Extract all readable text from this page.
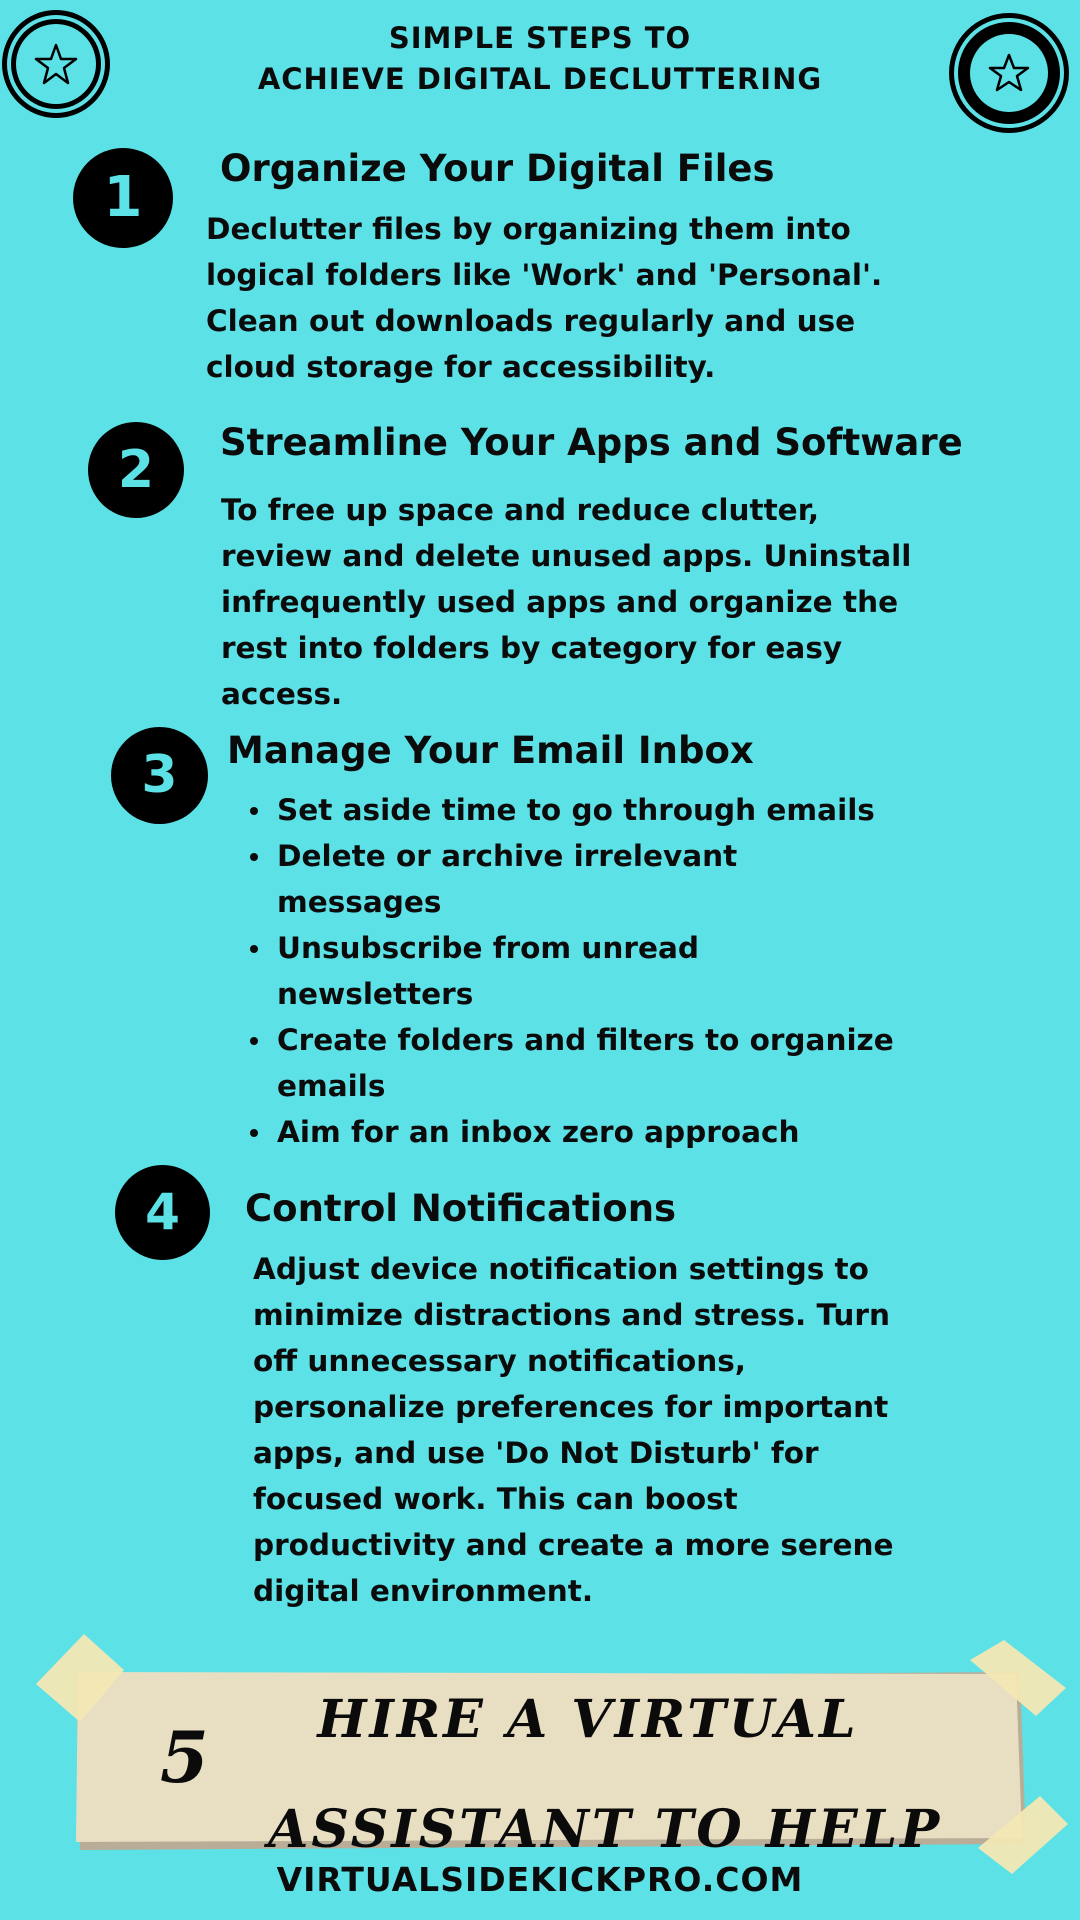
SIMPLE STEPS TO
ACHIEVE DIGITAL DECLUTTERING
1	Organize Your Digital Files
Declutter files by organizing them into
logical folders like 'Work' and 'Personal'.
Clean out downloads regularly and use
cloud storage for accessibility.
2	Streamline Your Apps and Software
To free up space and reduce clutter,
review and delete unused apps. Uninstall
infrequently used apps and organize the
rest into folders by category for easy
access.
3	Manage Your Email Inbox
Set aside time to go through emails
Delete or archive irrelevant
messages
Unsubscribe from unread
newsletters
Create folders and filters to organize
emails
Aim for an inbox zero approach
4	Control Notifications
Adjust device notification settings to
minimize distractions and stress. Turn
off unnecessary notifications,
personalize preferences for important
apps, and use 'Do Not Disturb' for
focused work. This can boost
productivity and create a more serene
digital environment.
5	HIRE A VIRTUAL
ASSISTANT TO HELP
VIRTUALSIDEKICKPRO.COM
